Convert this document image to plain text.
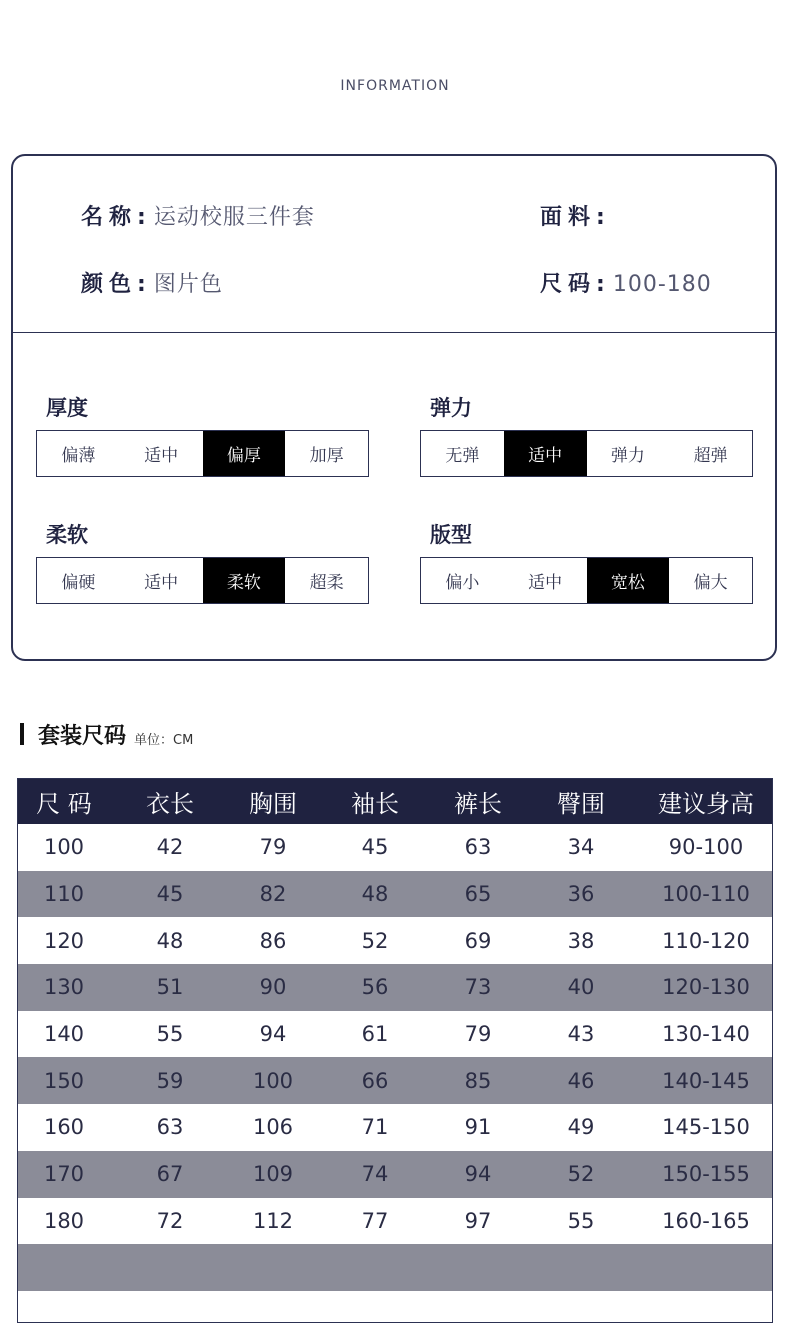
INFORMATION
名称: 运动校服三件套	面料:
颜色: 图片色	尺码: 100-180
厚度
偏薄	适中	偏厚	加厚
弹力
无弹	适中	弹力	超弹
柔软
偏硬	适中	柔软	超柔
版型
偏小	适中	宽松	偏大
套装尺码 单位：CM
尺 码	衣长	胸围	袖长	裤长	臀围	建议身高
100	42	79	45	63	34	90-100
110	45	82	48	65	36	100-110
120	48	86	52	69	38	110-120
130	51	90	56	73	40	120-130
140	55	94	61	79	43	130-140
150	59	100	66	85	46	140-145
160	63	106	71	91	49	145-150
170	67	109	74	94	52	150-155
180	72	112	77	97	55	160-165
